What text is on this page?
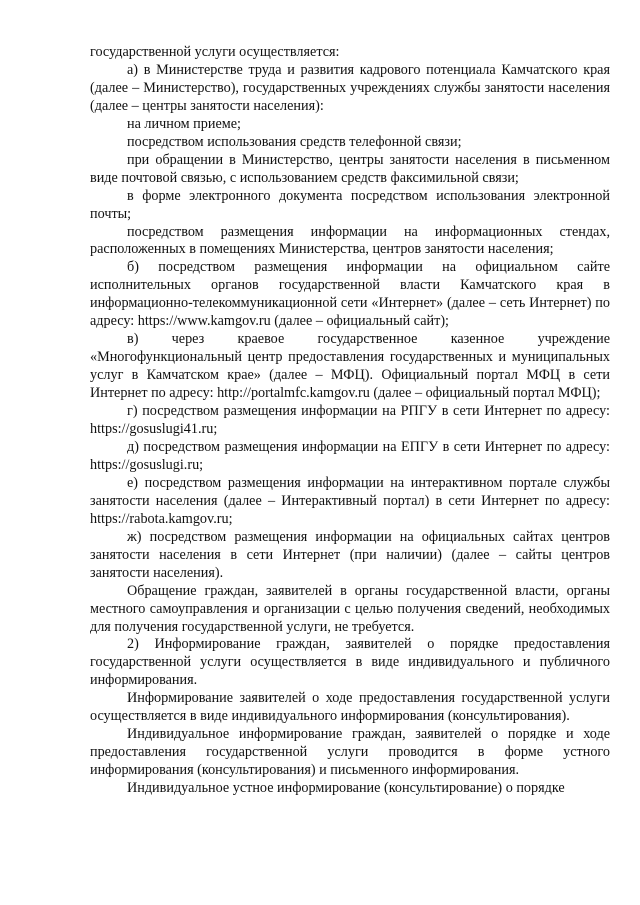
государственной услуги осуществляется:

а) в Министерстве труда и развития кадрового потенциала Камчатского края (далее – Министерство), государственных учреждениях службы занятости населения (далее – центры занятости населения):

на личном приеме;

посредством использования средств телефонной связи;

при обращении в Министерство, центры занятости населения в письменном виде почтовой связью, с использованием средств факсимильной связи;

в форме электронного документа посредством использования электронной почты;

посредством размещения информации на информационных стендах, расположенных в помещениях Министерства, центров занятости населения;

б) посредством размещения информации на официальном сайте исполнительных органов государственной власти Камчатского края в информационно-телекоммуникационной сети «Интернет» (далее – сеть Интернет) по адресу: https://www.kamgov.ru (далее – официальный сайт);

в) через краевое государственное казенное учреждение «Многофункциональный центр предоставления государственных и муниципальных услуг в Камчатском крае» (далее – МФЦ). Официальный портал МФЦ в сети Интернет по адресу: http://portalmfc.kamgov.ru (далее – официальный портал МФЦ);

г) посредством размещения информации на РПГУ в сети Интернет по адресу: https://gosuslugi41.ru;

д) посредством размещения информации на ЕПГУ в сети Интернет по адресу: https://gosuslugi.ru;

е) посредством размещения информации на интерактивном портале службы занятости населения (далее – Интерактивный портал) в сети Интернет по адресу: https://rabota.kamgov.ru;

ж) посредством размещения информации на официальных сайтах центров занятости населения в сети Интернет (при наличии) (далее – сайты центров занятости населения).

Обращение граждан, заявителей в органы государственной власти, органы местного самоуправления и организации с целью получения сведений, необходимых для получения государственной услуги, не требуется.

2) Информирование граждан, заявителей о порядке предоставления государственной услуги осуществляется в виде индивидуального и публичного информирования.

Информирование заявителей о ходе предоставления государственной услуги осуществляется в виде индивидуального информирования (консультирования).

Индивидуальное информирование граждан, заявителей о порядке и ходе предоставления государственной услуги проводится в форме устного информирования (консультирования) и письменного информирования.

Индивидуальное устное информирование (консультирование) о порядке
